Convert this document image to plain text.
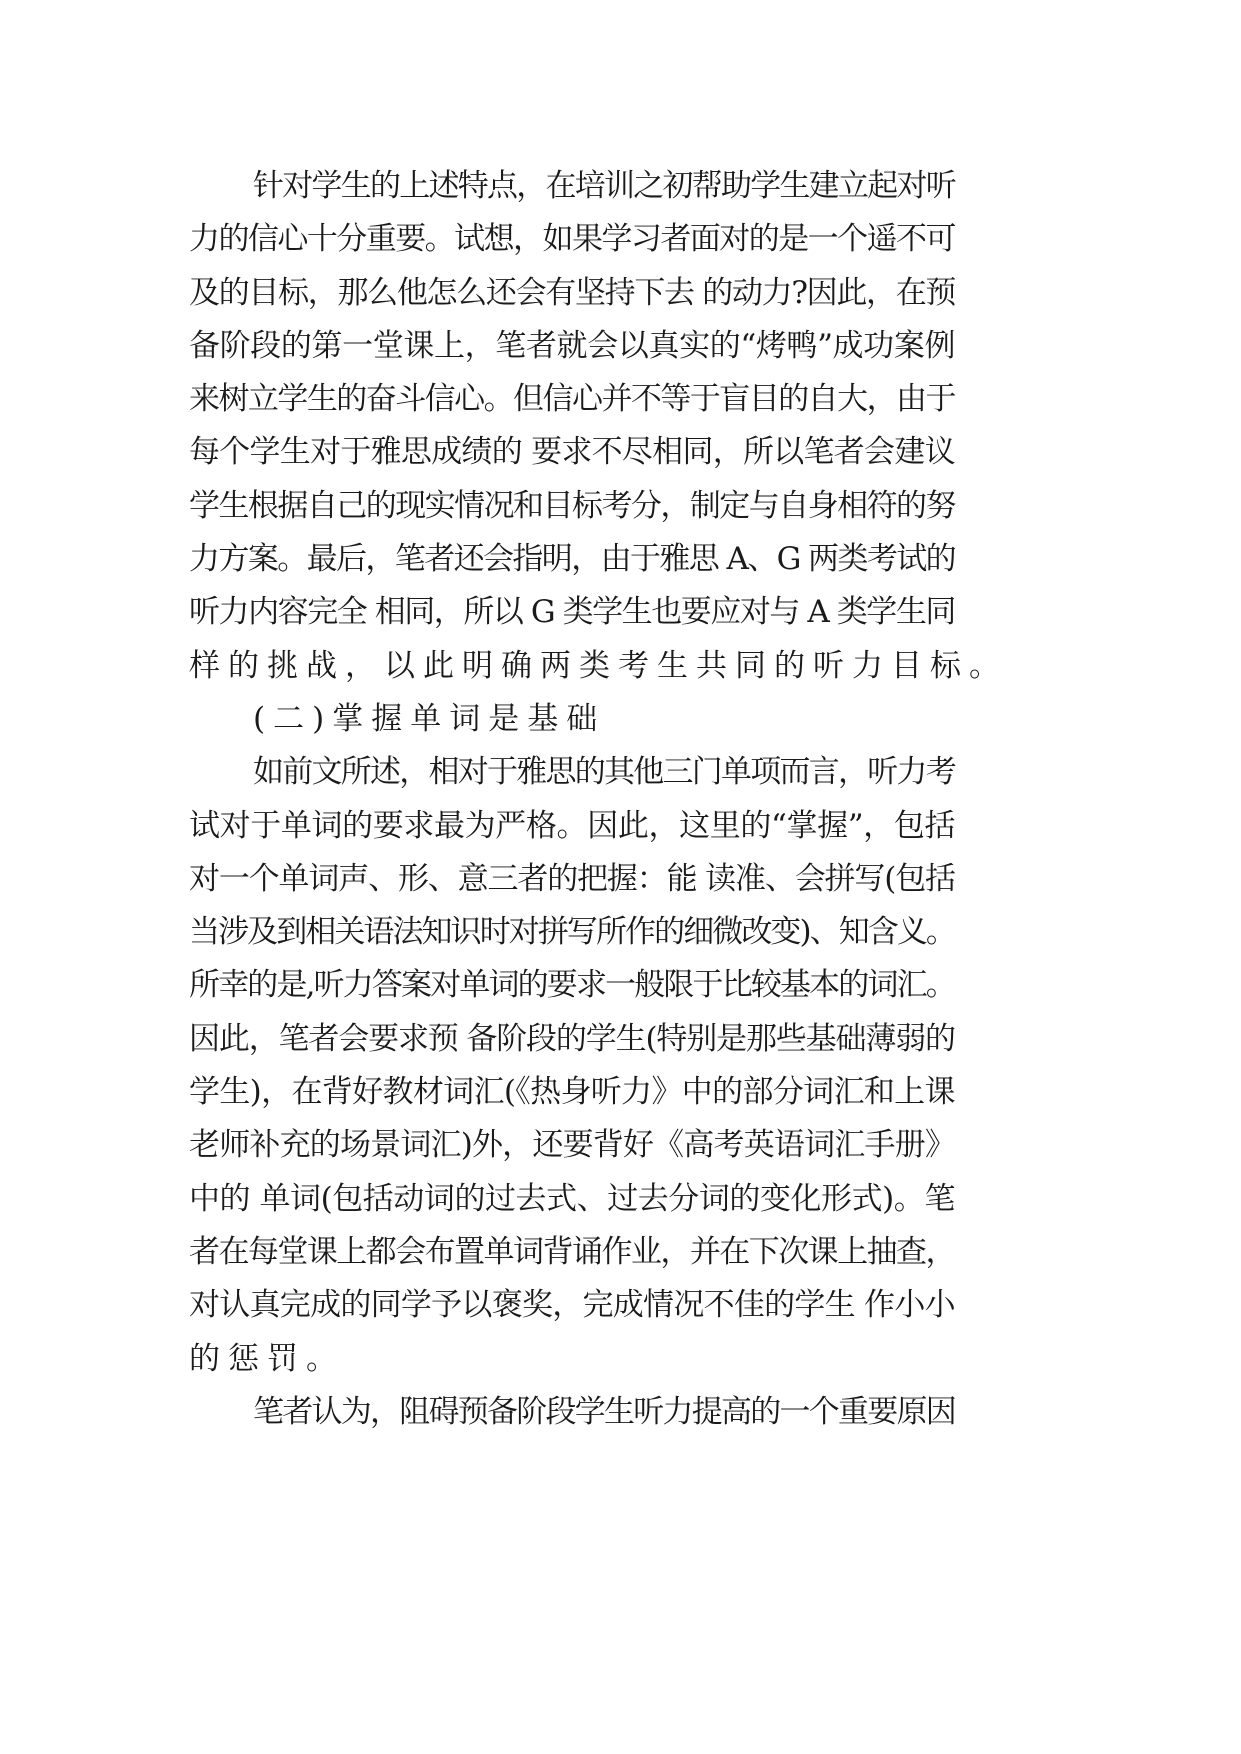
针对学生的上述特点，在培训之初帮助学生建立起对听
力的信心十分重要。试想，如果学习者面对的是一个遥不可
及的目标，那么他怎么还会有坚持下去 的动力?因此，在预
备阶段的第一堂课上，笔者就会以真实的“烤鸭”成功案例
来树立学生的奋斗信心。但信心并不等于盲目的自大，由于
每个学生对于雅思成绩的 要求不尽相同，所以笔者会建议
学生根据自己的现实情况和目标考分，制定与自身相符的努
力方案。最后，笔者还会指明，由于雅思 A、G 两类考试的
听力内容完全 相同，所以 G 类学生也要应对与 A 类学生同
样的挑战，以此明确两类考生共同的听力目标。
(二)掌握单词是基础
如前文所述，相对于雅思的其他三门单项而言，听力考
试对于单词的要求最为严格。因此，这里的“掌握”，包括
对一个单词声、形、意三者的把握：能 读准、会拼写(包括
当涉及到相关语法知识时对拼写所作的细微改变)、知含义。
所幸的是,听力答案对单词的要求一般限于比较基本的词汇。
因此，笔者会要求预 备阶段的学生(特别是那些基础薄弱的
学生)，在背好教材词汇(《热身听力》中的部分词汇和上课
老师补充的场景词汇)外，还要背好《高考英语词汇手册》
中的 单词(包括动词的过去式、过去分词的变化形式)。笔
者在每堂课上都会布置单词背诵作业，并在下次课上抽查，
对认真完成的同学予以褒奖，完成情况不佳的学生 作小小
的惩罚。
笔者认为，阻碍预备阶段学生听力提高的一个重要原因
